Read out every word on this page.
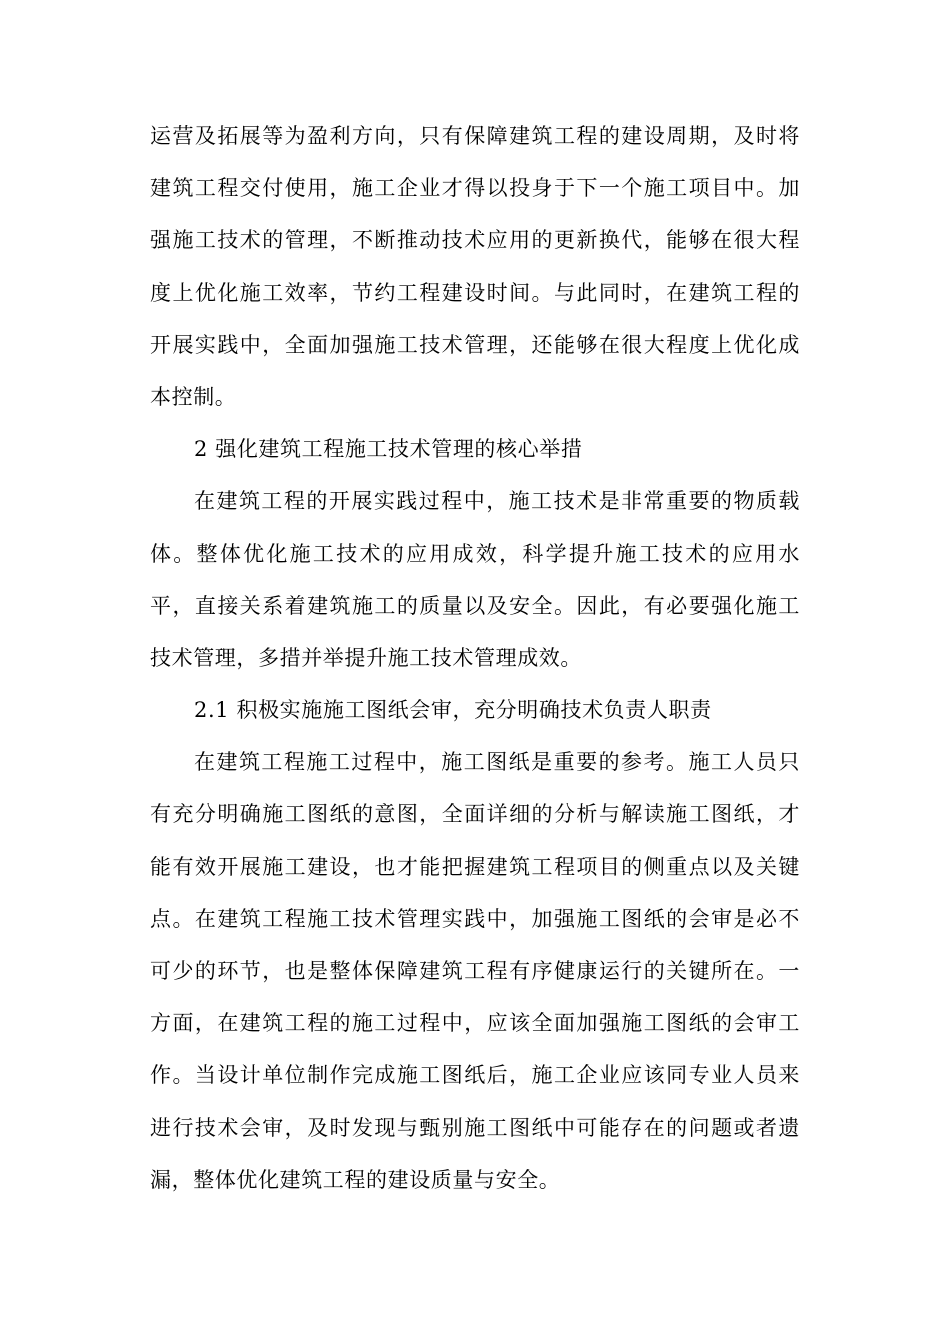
运营及拓展等为盈利方向，只有保障建筑工程的建设周期，及时将
建筑工程交付使用，施工企业才得以投身于下一个施工项目中。加
强施工技术的管理，不断推动技术应用的更新换代，能够在很大程
度上优化施工效率，节约工程建设时间。与此同时，在建筑工程的
开展实践中，全面加强施工技术管理，还能够在很大程度上优化成
本控制。
2 强化建筑工程施工技术管理的核心举措
在建筑工程的开展实践过程中，施工技术是非常重要的物质载
体。整体优化施工技术的应用成效，科学提升施工技术的应用水
平，直接关系着建筑施工的质量以及安全。因此，有必要强化施工
技术管理，多措并举提升施工技术管理成效。
2.1 积极实施施工图纸会审，充分明确技术负责人职责
在建筑工程施工过程中，施工图纸是重要的参考。施工人员只
有充分明确施工图纸的意图，全面详细的分析与解读施工图纸，才
能有效开展施工建设，也才能把握建筑工程项目的侧重点以及关键
点。在建筑工程施工技术管理实践中，加强施工图纸的会审是必不
可少的环节，也是整体保障建筑工程有序健康运行的关键所在。一
方面，在建筑工程的施工过程中，应该全面加强施工图纸的会审工
作。当设计单位制作完成施工图纸后，施工企业应该同专业人员来
进行技术会审，及时发现与甄别施工图纸中可能存在的问题或者遗
漏，整体优化建筑工程的建设质量与安全。
